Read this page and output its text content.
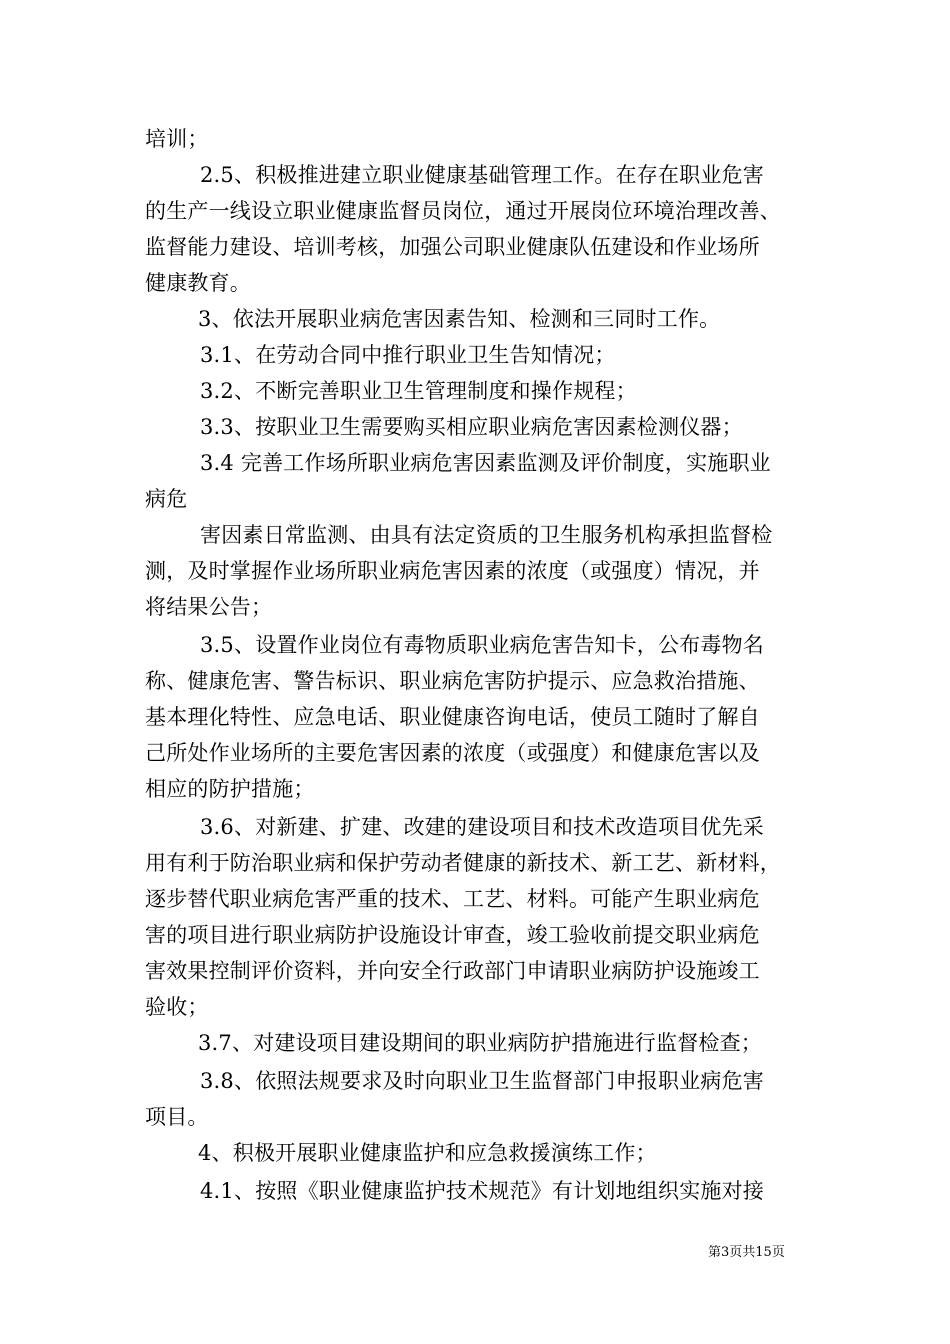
培训；
2.5、积极推进建立职业健康基础管理工作。在存在职业危害
的生产一线设立职业健康监督员岗位，通过开展岗位环境治理改善、
监督能力建设、培训考核，加强公司职业健康队伍建设和作业场所
健康教育。
3、依法开展职业病危害因素告知、检测和三同时工作。
3.1、在劳动合同中推行职业卫生告知情况；
3.2、不断完善职业卫生管理制度和操作规程；
3.3、按职业卫生需要购买相应职业病危害因素检测仪器；
3.4 完善工作场所职业病危害因素监测及评价制度，实施职业
病危
害因素日常监测、由具有法定资质的卫生服务机构承担监督检
测，及时掌握作业场所职业病危害因素的浓度（或强度）情况，并
将结果公告；
3.5、设置作业岗位有毒物质职业病危害告知卡，公布毒物名
称、健康危害、警告标识、职业病危害防护提示、应急救治措施、
基本理化特性、应急电话、职业健康咨询电话，使员工随时了解自
己所处作业场所的主要危害因素的浓度（或强度）和健康危害以及
相应的防护措施；
3.6、对新建、扩建、改建的建设项目和技术改造项目优先采
用有利于防治职业病和保护劳动者健康的新技术、新工艺、新材料，
逐步替代职业病危害严重的技术、工艺、材料。可能产生职业病危
害的项目进行职业病防护设施设计审查，竣工验收前提交职业病危
害效果控制评价资料，并向安全行政部门申请职业病防护设施竣工
验收；
3.7、对建设项目建设期间的职业病防护措施进行监督检查；
3.8、依照法规要求及时向职业卫生监督部门申报职业病危害
项目。
4、积极开展职业健康监护和应急救援演练工作；
4.1、按照《职业健康监护技术规范》有计划地组织实施对接
第3页共15页
